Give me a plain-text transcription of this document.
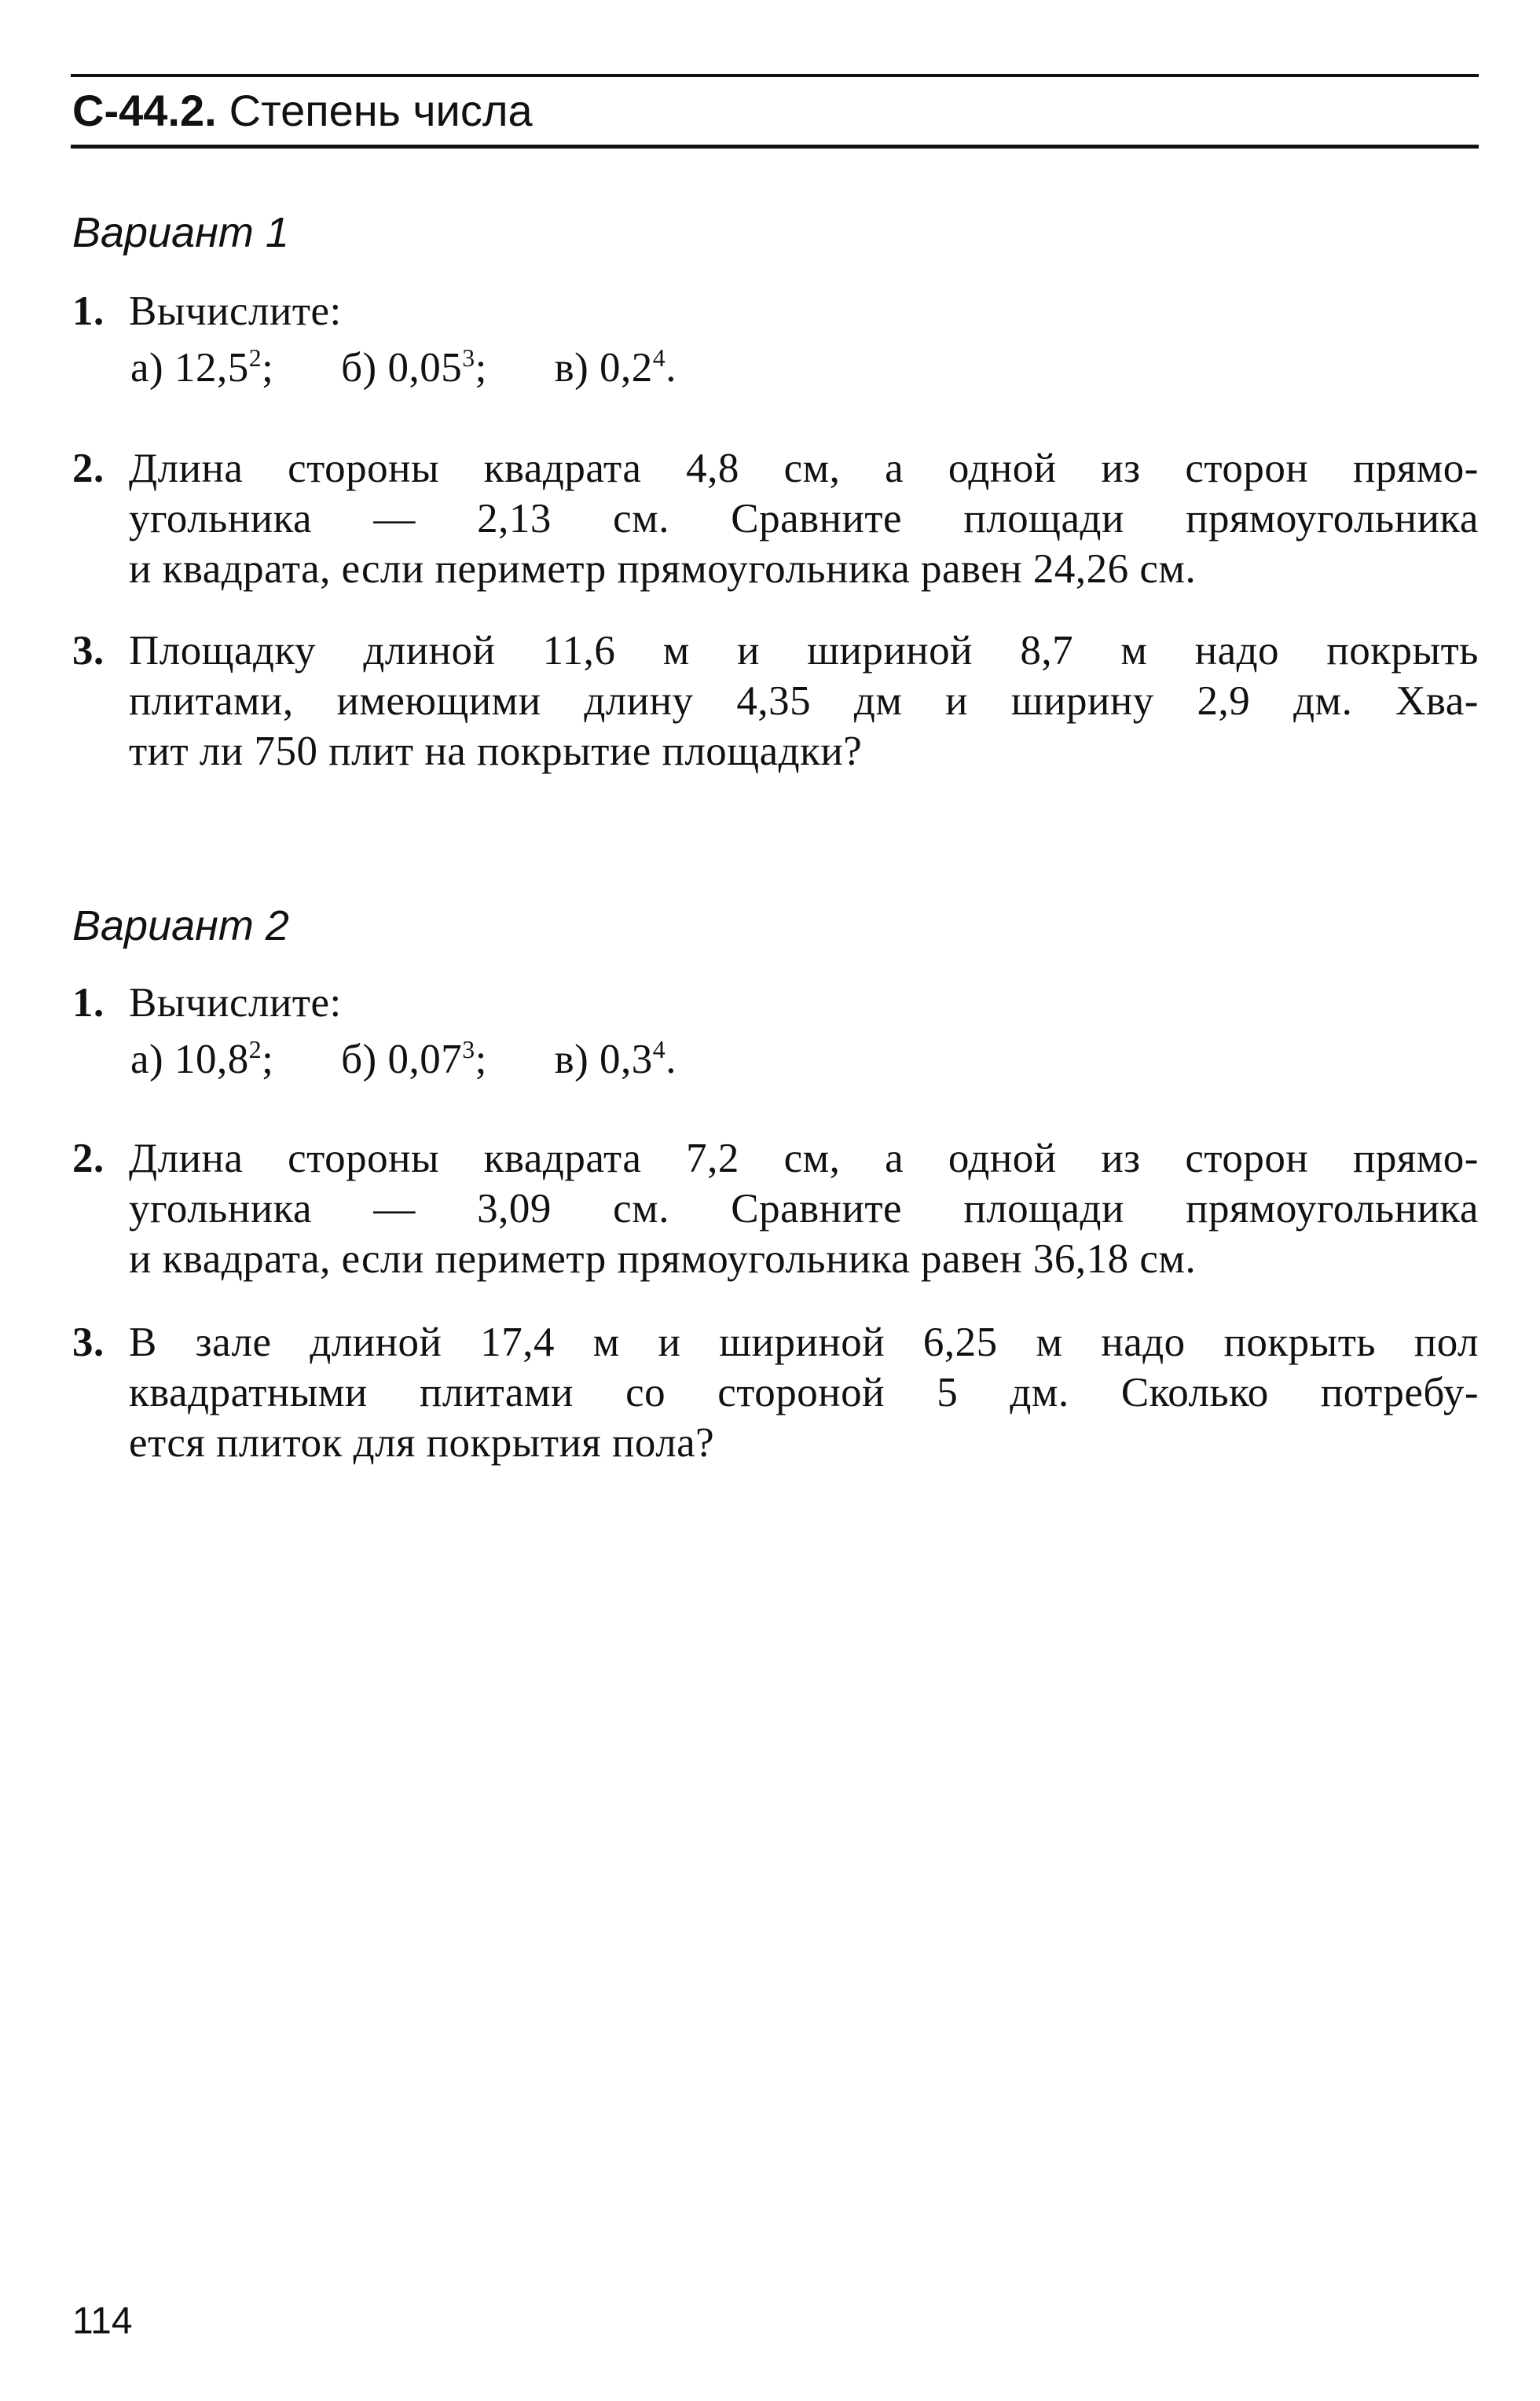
С-44.2. Степень числа
Вариант 1
1. Вычислите:
а) 12,5$^2$; б) 0,05$^3$; в) $0,2^4$.
2. Длина стороны квадрата 4,8 см, а одной из сторон прямо-
угольника — 2,13 см. Сравните площади прямоугольника
и квадрата, если периметр прямоугольника равен 24,26 см.
3. Площадку длиной 11,6 м и шириной 8,7 м надо покрыть
плитами, имеющими длину 4,35 дм и ширину 2,9 дм. Хва-
тит ли 750 плит на покрытие площадки?
Вариант 2
1. Вычислите:
а) 10,8$^2$; б) 0,07$^3$; в) $0,3^4$.
2. Длина стороны квадрата 7,2 см, а одной из сторон прямо-
угольника — 3,09 см. Сравните площади прямоугольника
и квадрата, если периметр прямоугольника равен 36,18 см.
3. В зале длиной 17,4 м и шириной 6,25 м надо покрыть пол
квадратными плитами со стороной 5 дм. Сколько потребу-
ется плиток для покрытия пола?
114
